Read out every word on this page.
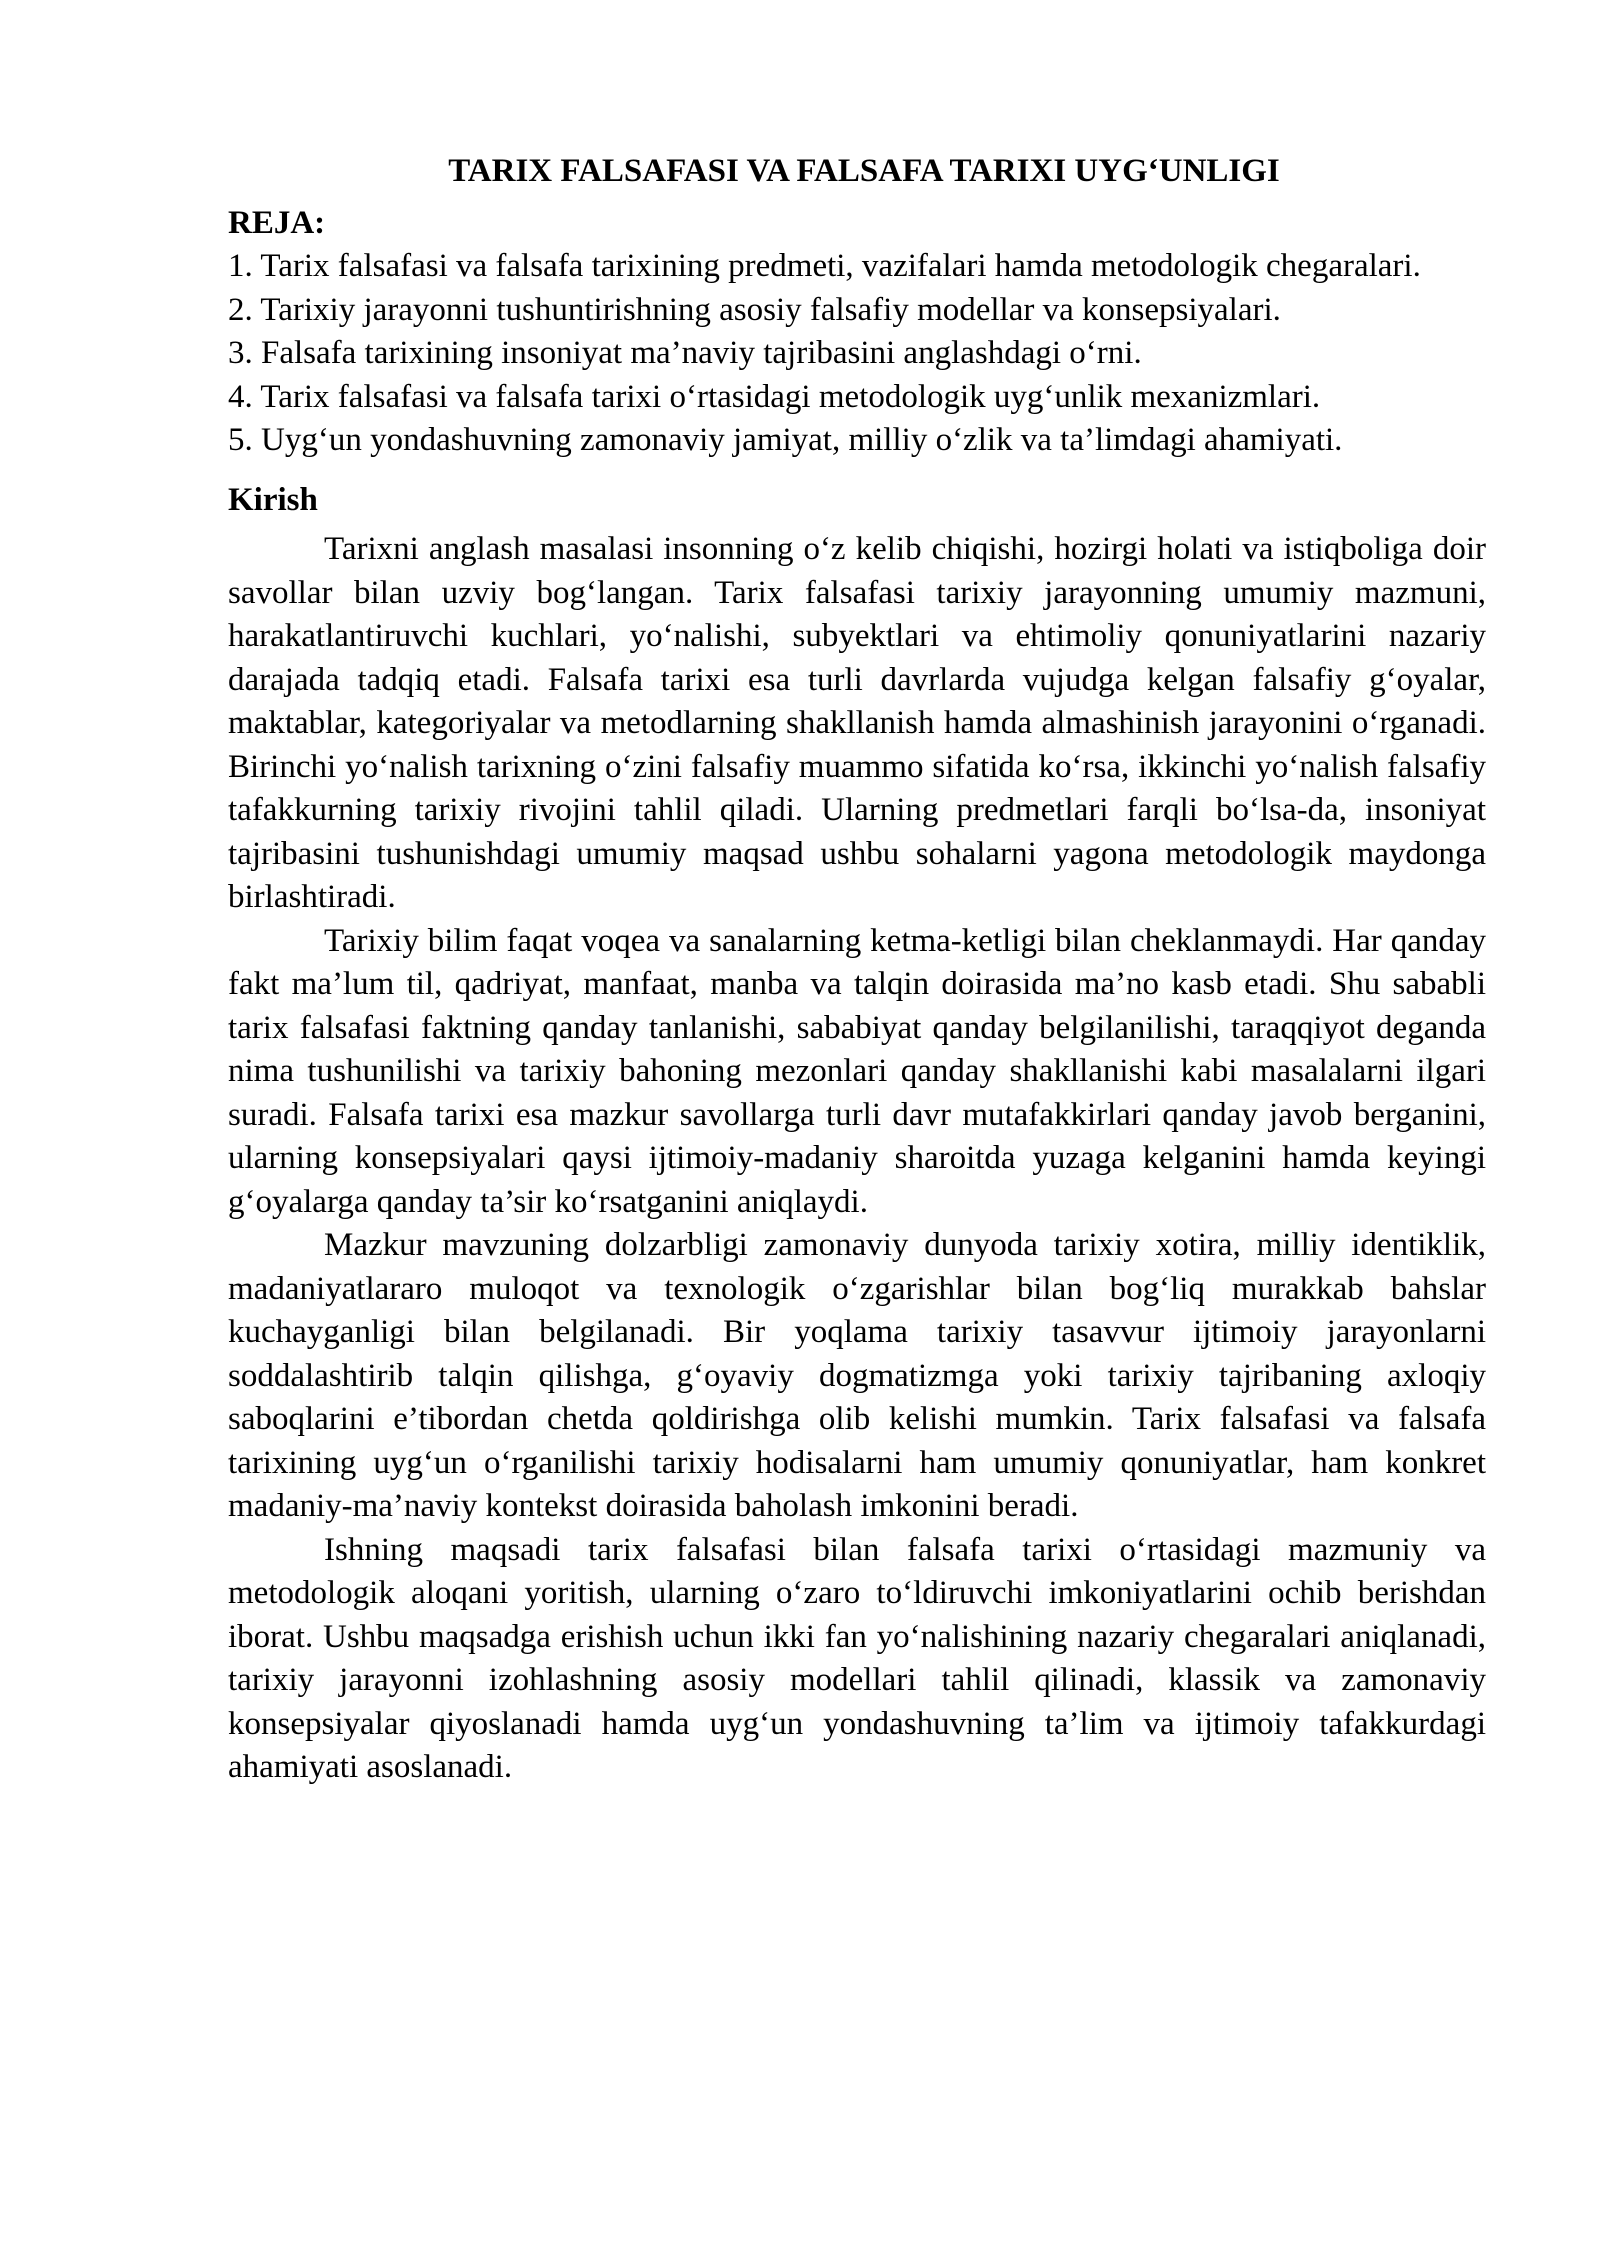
TARIX FALSAFASI VA FALSAFA TARIXI UYG‘UNLIGI
REJA:
1. Tarix falsafasi va falsafa tarixining predmeti, vazifalari hamda metodologik chegaralari.
2. Tarixiy jarayonni tushuntirishning asosiy falsafiy modellar va konsepsiyalari.
3. Falsafa tarixining insoniyat ma’naviy tajribasini anglashdagi o‘rni.
4. Tarix falsafasi va falsafa tarixi o‘rtasidagi metodologik uyg‘unlik mexanizmlari.
5. Uyg‘un yondashuvning zamonaviy jamiyat, milliy o‘zlik va ta’limdagi ahamiyati.
Kirish

Tarixni anglash masalasi insonning o‘z kelib chiqishi, hozirgi holati va istiqboliga doir savollar bilan uzviy bog‘langan. Tarix falsafasi tarixiy jarayonning umumiy mazmuni, harakatlantiruvchi kuchlari, yo‘nalishi, subyektlari va ehtimoliy qonuniyatlarini nazariy darajada tadqiq etadi. Falsafa tarixi esa turli davrlarda vujudga kelgan falsafiy g‘oyalar, maktablar, kategoriyalar va metodlarning shakllanish hamda almashinish jarayonini o‘rganadi. Birinchi yo‘nalish tarixning o‘zini falsafiy muammo sifatida ko‘rsa, ikkinchi yo‘nalish falsafiy tafakkurning tarixiy rivojini tahlil qiladi. Ularning predmetlari farqli bo‘lsa-da, insoniyat tajribasini tushunishdagi umumiy maqsad ushbu sohalarni yagona metodologik maydonga birlashtiradi.

Tarixiy bilim faqat voqea va sanalarning ketma-ketligi bilan cheklanmaydi. Har qanday fakt ma’lum til, qadriyat, manfaat, manba va talqin doirasida ma’no kasb etadi. Shu sababli tarix falsafasi faktning qanday tanlanishi, sababiyat qanday belgilanilishi, taraqqiyot deganda nima tushunilishi va tarixiy bahoning mezonlari qanday shakllanishi kabi masalalarni ilgari suradi. Falsafa tarixi esa mazkur savollarga turli davr mutafakkirlari qanday javob berganini, ularning konsepsiyalari qaysi ijtimoiy-madaniy sharoitda yuzaga kelganini hamda keyingi g‘oyalarga qanday ta’sir ko‘rsatganini aniqlaydi.

Mazkur mavzuning dolzarbligi zamonaviy dunyoda tarixiy xotira, milliy identiklik, madaniyatlararo muloqot va texnologik o‘zgarishlar bilan bog‘liq murakkab bahslar kuchayganligi bilan belgilanadi. Bir yoqlama tarixiy tasavvur ijtimoiy jarayonlarni soddalashtirib talqin qilishga, g‘oyaviy dogmatizmga yoki tarixiy tajribaning axloqiy saboqlarini e’tibordan chetda qoldirishga olib kelishi mumkin. Tarix falsafasi va falsafa tarixining uyg‘un o‘rganilishi tarixiy hodisalarni ham umumiy qonuniyatlar, ham konkret madaniy-ma’naviy kontekst doirasida baholash imkonini beradi.

Ishning maqsadi tarix falsafasi bilan falsafa tarixi o‘rtasidagi mazmuniy va metodologik aloqani yoritish, ularning o‘zaro to‘ldiruvchi imkoniyatlarini ochib berishdan iborat. Ushbu maqsadga erishish uchun ikki fan yo‘nalishining nazariy chegaralari aniqlanadi, tarixiy jarayonni izohlashning asosiy modellari tahlil qilinadi, klassik va zamonaviy konsepsiyalar qiyoslanadi hamda uyg‘un yondashuvning ta’lim va ijtimoiy tafakkurdagi ahamiyati asoslanadi.
